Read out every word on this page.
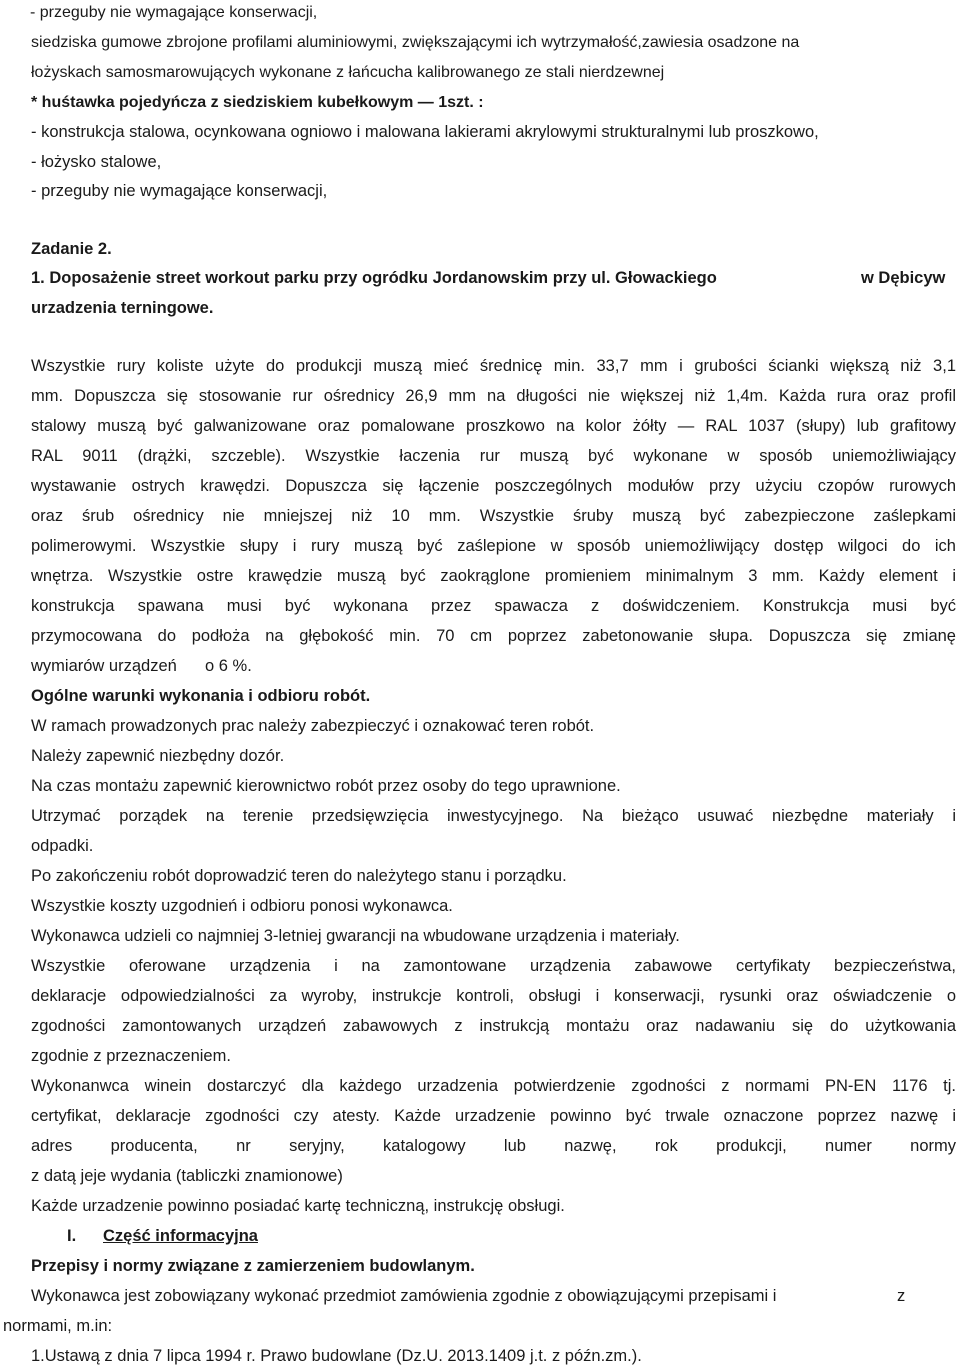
- przeguby nie wymagające konserwacji,
siedziska gumowe zbrojone profilami aluminiowymi, zwiększającymi ich wytrzymałość,zawiesia osadzone na
łożyskach samosmarowujących wykonane z łańcucha kalibrowanego ze stali nierdzewnej
* huśtawka pojedyńcza z siedziskiem kubełkowym — 1szt. :
- konstrukcja stalowa, ocynkowana ogniowo i malowana lakierami akrylowymi strukturalnymi lub proszkowo,
- łożysko stalowe,
- przeguby nie wymagające konserwacji,
Zadanie 2.
1. Doposażenie street workout parku przy ogródku Jordanowskim przy ul. Głowackiego	w Dębicyw
urzadzenia terningowe.
Wszystkie rury koliste użyte do produkcji muszą mieć średnicę min. 33,7 mm i grubości ścianki większą niż 3,1
mm. Dopuszcza się stosowanie rur ośrednicy 26,9 mm na długości nie większej niż 1,4m. Każda rura oraz profil
stalowy muszą być galwanizowane oraz pomalowane proszkowo na kolor żółty — RAL 1037 (słupy) lub grafitowy
RAL 9011 (drążki, szczeble). Wszystkie łaczenia rur muszą być wykonane w sposób uniemożliwiający
wystawanie ostrych krawędzi. Dopuszcza się łączenie poszczególnych modułów przy użyciu czopów rurowych
oraz śrub ośrednicy nie mniejszej niż 10 mm. Wszystkie śruby muszą być zabezpieczone zaślepkami
polimerowymi. Wszystkie słupy i rury muszą być zaślepione w sposób uniemożliwijący dostęp wilgoci do ich
wnętrza. Wszystkie ostre krawędzie muszą być zaokrąglone promieniem minimalnym 3 mm. Każdy element i
konstrukcja spawana musi być wykonana przez spawacza z doświdczeniem. Konstrukcja musi być
przymocowana do podłoża na głębokość min. 70 cm poprzez zabetonowanie słupa. Dopuszcza się zmianę
wymiarów urządzeń o 6 %.
Ogólne warunki wykonania i odbioru robót.
W ramach prowadzonych prac należy zabezpieczyć i oznakować teren robót.
Należy zapewnić niezbędny dozór.
Na czas montażu zapewnić kierownictwo robót przez osoby do tego uprawnione.
Utrzymać porządek na terenie przedsięwzięcia inwestycyjnego. Na bieżąco usuwać niezbędne materiały i
odpadki.
Po zakończeniu robót doprowadzić teren do należytego stanu i porządku.
Wszystkie koszty uzgodnień i odbioru ponosi wykonawca.
Wykonawca udzieli co najmniej 3-letniej gwarancji na wbudowane urządzenia i materiały.
Wszystkie oferowane urządzenia i na zamontowane urządzenia zabawowe certyfikaty bezpieczeństwa,
deklaracje odpowiedzialności za wyroby, instrukcje kontroli, obsługi i konserwacji, rysunki oraz oświadczenie o
zgodności zamontowanych urządzeń zabawowych z instrukcją montażu oraz nadawaniu się do użytkowania
zgodnie z przeznaczeniem.
Wykonanwca winein dostarczyć dla każdego urzadzenia potwierdzenie zgodności z normami PN-EN 1176 tj.
certyfikat, deklaracje zgodności czy atesty. Każde urzadzenie powinno być trwale oznaczone poprzez nazwę i
adres producenta, nr seryjny, katalogowy lub nazwę, rok produkcji, numer normy
z datą jeje wydania (tabliczki znamionowe)
Każde urzadzenie powinno posiadać kartę techniczną, instrukcję obsługi.
I. Część informacyjna
Przepisy i normy związane z zamierzeniem budowlanym.
Wykonawca jest zobowiązany wykonać przedmiot zamówienia zgodnie z obowiązującymi przepisami i	z
normami, m.in:
1.Ustawą z dnia 7 lipca 1994 r. Prawo budowlane (Dz.U. 2013.1409 j.t. z późn.zm.).
